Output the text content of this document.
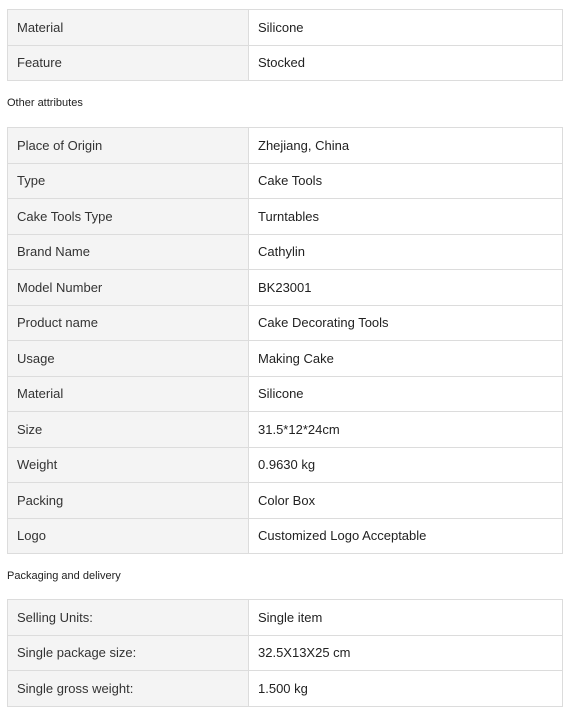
Material	Silicone
Feature	Stocked
Other attributes
Place of Origin	Zhejiang, China
Type	Cake Tools
Cake Tools Type	Turntables
Brand Name	Cathylin
Model Number	BK23001
Product name	Cake Decorating Tools
Usage	Making Cake
Material	Silicone
Size	31.5*12*24cm
Weight	0.9630 kg
Packing	Color Box
Logo	Customized Logo Acceptable
Packaging and delivery
Selling Units:	Single item
Single package size:	32.5X13X25 cm
Single gross weight:	1.500 kg
